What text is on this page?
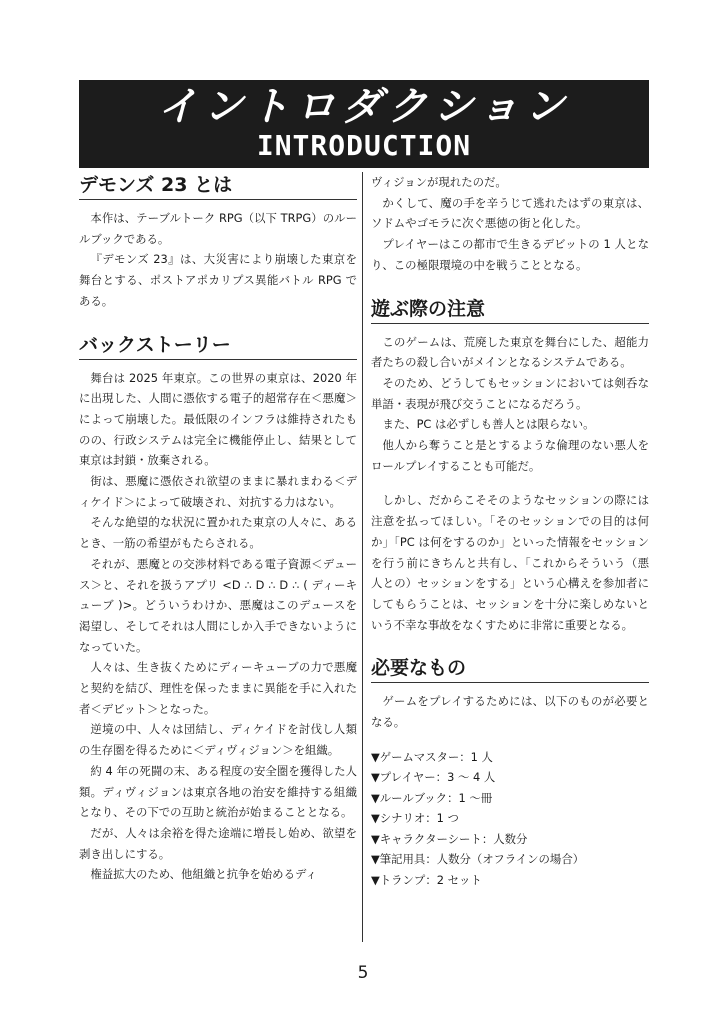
イントロダクション
INTRODUCTION
デモンズ 23 とは

本作は、テーブルトーク RPG（以下 TRPG）のルールブックである。

『デモンズ 23』は、大災害により崩壊した東京を舞台とする、ポストアポカリプス異能バトル RPG である。

バックストーリー

舞台は 2025 年東京。この世界の東京は、2020 年に出現した、人間に憑依する電子的超常存在＜悪魔＞によって崩壊した。最低限のインフラは維持されたものの、行政システムは完全に機能停止し、結果として東京は封鎖・放棄される。

街は、悪魔に憑依され欲望のままに暴れまわる＜ディケイド＞によって破壊され、対抗する力はない。

そんな絶望的な状況に置かれた東京の人々に、あるとき、一筋の希望がもたらされる。

それが、悪魔との交渉材料である電子資源＜デュース＞と、それを扱うアプリ <D ∴ D ∴ D ∴ ( ディーキューブ )>。どういうわけか、悪魔はこのデュースを渇望し、そしてそれは人間にしか入手できないようになっていた。

人々は、生き抜くためにディーキューブの力で悪魔と契約を結び、理性を保ったままに異能を手に入れた者＜デビット＞となった。

逆境の中、人々は団結し、ディケイドを討伐し人類の生存圏を得るために＜ディヴィジョン＞を組織。

約 4 年の死闘の末、ある程度の安全圏を獲得した人類。ディヴィジョンは東京各地の治安を維持する組織となり、その下での互助と統治が始まることとなる。

だが、人々は余裕を得た途端に増長し始め、欲望を剥き出しにする。

権益拡大のため、他組織と抗争を始めるディ

ヴィジョンが現れたのだ。

かくして、魔の手を辛うじて逃れたはずの東京は、ソドムやゴモラに次ぐ悪徳の街と化した。

プレイヤーはこの都市で生きるデビットの 1 人となり、この極限環境の中を戦うこととなる。

遊ぶ際の注意

このゲームは、荒廃した東京を舞台にした、超能力者たちの殺し合いがメインとなるシステムである。

そのため、どうしてもセッションにおいては剣呑な単語・表現が飛び交うことになるだろう。

また、PC は必ずしも善人とは限らない。

他人から奪うこと是とするような倫理のない悪人をロールプレイすることも可能だ。

しかし、だからこそそのようなセッションの際には注意を払ってほしい。「そのセッションでの目的は何か」「PC は何をするのか」といった情報をセッションを行う前にきちんと共有し、「これからそういう（悪人との）セッションをする」という心構えを参加者にしてもらうことは、セッションを十分に楽しめないという不幸な事故をなくすために非常に重要となる。

必要なもの

ゲームをプレイするためには、以下のものが必要となる。

▼ゲームマスター：1 人
▼プレイヤー：3 〜 4 人
▼ルールブック：1 〜冊
▼シナリオ：1 つ
▼キャラクターシート：人数分
▼筆記用具：人数分（オフラインの場合）
▼トランプ：2 セット
5
